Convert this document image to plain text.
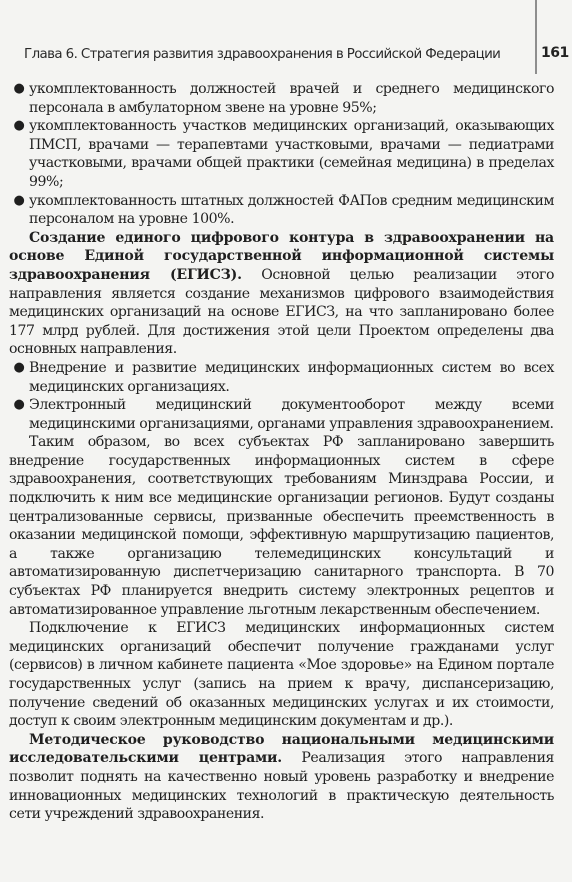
Глава 6. Стратегия развития здравоохранения в Российской Федерации	161
● укомплектованность должностей врачей и среднего медицинского персонала в амбулаторном звене на уровне 95%;
● укомплектованность участков медицинских организаций, оказывающих ПМСП, врачами — терапевтами участковыми, врачами — педиатрами участковыми, врачами общей практики (семейная медицина) в пределах 99%;
● укомплектованность штатных должностей ФАПов средним медицинским персоналом на уровне 100%.

Создание единого цифрового контура в здравоохранении на основе Единой государственной информационной системы здравоохранения (ЕГИСЗ). Основной целью реализации этого направления является создание механизмов цифрового взаимодействия медицинских организаций на основе ЕГИСЗ, на что запланировано более 177 млрд рублей. Для достижения этой цели Проектом определены два основных направления.

● Внедрение и развитие медицинских информационных систем во всех медицинских организациях.
● Электронный медицинский документооборот между всеми медицинскими организациями, органами управления здравоохранением.

Таким образом, во всех субъектах РФ запланировано завершить внедрение государственных информационных систем в сфере здравоохранения, соответствующих требованиям Минздрава России, и подключить к ним все медицинские организации регионов. Будут созданы централизованные сервисы, призванные обеспечить преемственность в оказании медицинской помощи, эффективную маршрутизацию пациентов, а также организацию телемедицинских консультаций и автоматизированную диспетчеризацию санитарного транспорта. В 70 субъектах РФ планируется внедрить систему электронных рецептов и автоматизированное управление льготным лекарственным обеспечением.

Подключение к ЕГИСЗ медицинских информационных систем медицинских организаций обеспечит получение гражданами услуг (сервисов) в личном кабинете пациента «Мое здоровье» на Едином портале государственных услуг (запись на прием к врачу, диспансеризацию, получение сведений об оказанных медицинских услугах и их стоимости, доступ к своим электронным медицинским документам и др.).

Методическое руководство национальными медицинскими исследовательскими центрами. Реализация этого направления позволит поднять на качественно новый уровень разработку и внедрение инновационных медицинских технологий в практическую деятельность сети учреждений здравоохранения.
